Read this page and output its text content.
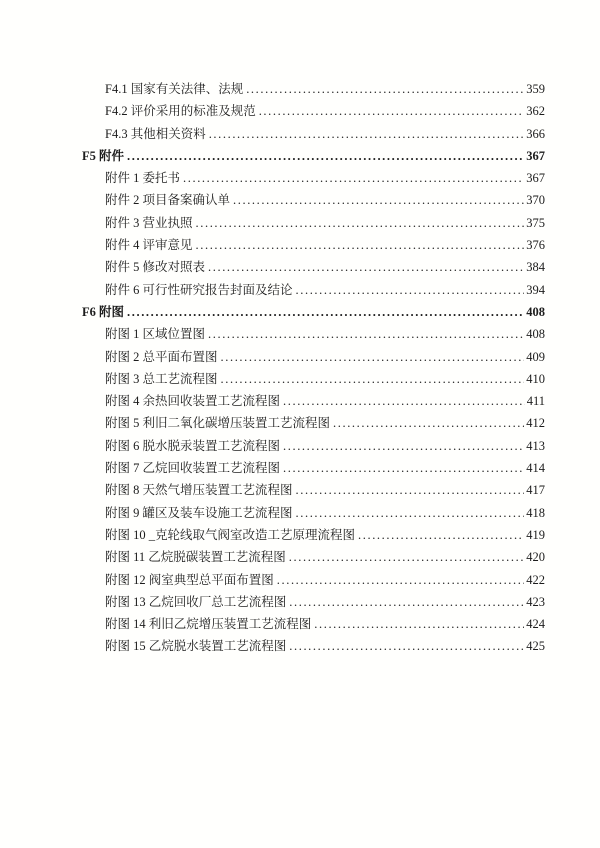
F4.1 国家有关法律、法规 .....	359
F4.2 评价采用的标准及规范 .....	362
F4.3 其他相关资料 .....	366
F5 附件 .....	367
附件 1 委托书 .....	367
附件 2 项目备案确认单 .....	370
附件 3 营业执照 .....	375
附件 4 评审意见 .....	376
附件 5 修改对照表 .....	384
附件 6 可行性研究报告封面及结论 .....	394
F6 附图 .....	408
附图 1 区域位置图 .....	408
附图 2 总平面布置图 .....	409
附图 3 总工艺流程图 .....	410
附图 4 余热回收装置工艺流程图 .....	411
附图 5 利旧二氧化碳增压装置工艺流程图 .....	412
附图 6 脱水脱汞装置工艺流程图 .....	413
附图 7 乙烷回收装置工艺流程图 .....	414
附图 8 天然气增压装置工艺流程图 .....	417
附图 9 罐区及装车设施工艺流程图 .....	418
附图 10 _克轮线取气阀室改造工艺原理流程图 .....	419
附图 11 乙烷脱碳装置工艺流程图 .....	420
附图 12 阀室典型总平面布置图 .....	422
附图 13 乙烷回收厂总工艺流程图 .....	423
附图 14 利旧乙烷增压装置工艺流程图 .....	424
附图 15 乙烷脱水装置工艺流程图 .....	425
